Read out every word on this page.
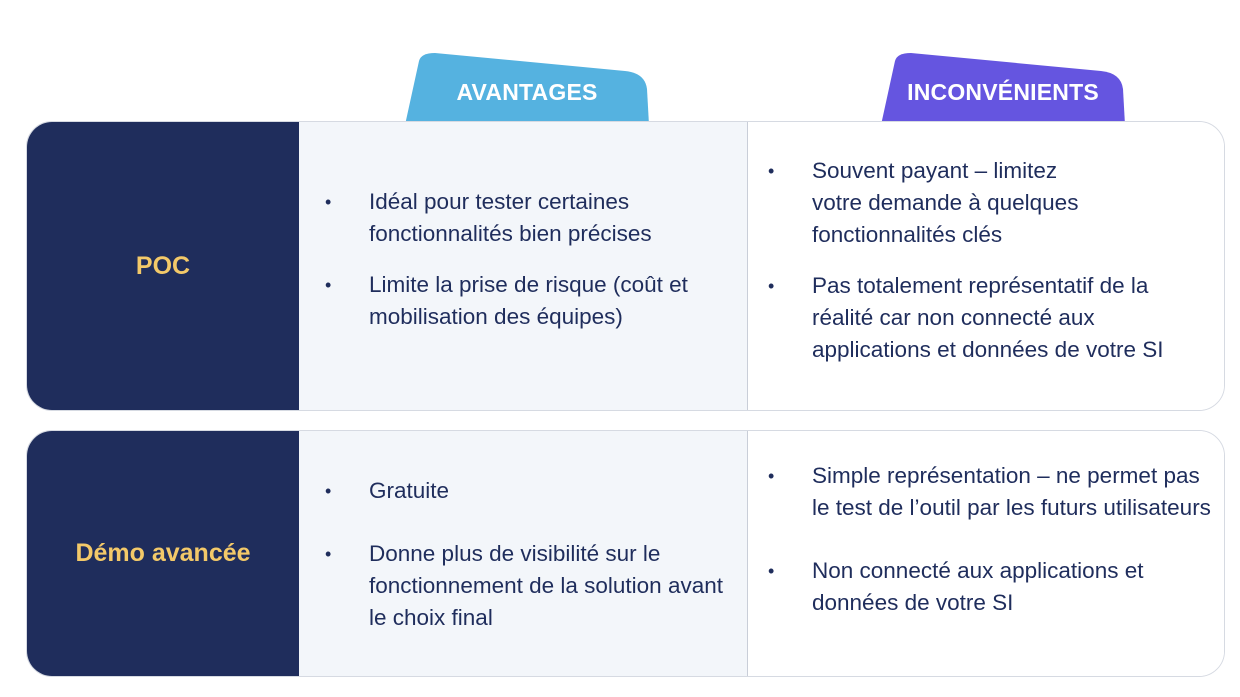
AVANTAGES	INCONVÉNIENTS
POC
• Idéal pour tester certaines fonctionnalités bien précises
• Limite la prise de risque (coût et mobilisation des équipes)
• Souvent payant – limitez votre demande à quelques fonctionnalités clés
• Pas totalement représentatif de la réalité car non connecté aux applications et données de votre SI
Démo avancée
• Gratuite
• Donne plus de visibilité sur le fonctionnement de la solution avant le choix final
• Simple représentation – ne permet pas le test de l’outil par les futurs utilisateurs
• Non connecté aux applications et données de votre SI
